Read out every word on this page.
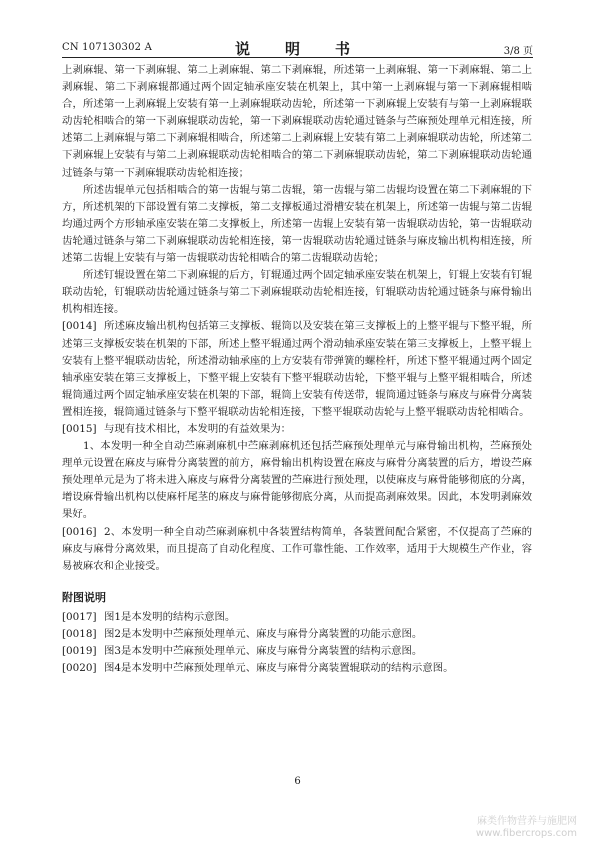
CN 107130302 A	说　明　书	3/8 页

上剥麻辊、第一下剥麻辊、第二上剥麻辊、第二下剥麻辊，所述第一上剥麻辊、第一下剥麻辊、第二上剥麻辊、第二下剥麻辊都通过两个固定轴承座安装在机架上，其中第一上剥麻辊与第一下剥麻辊相啮合，所述第一上剥麻辊上安装有第一上剥麻辊联动齿轮，所述第一下剥麻辊上安装有与第一上剥麻辊联动齿轮相啮合的第一下剥麻辊联动齿轮，第一下剥麻辊联动齿轮通过链条与苎麻预处理单元相连接，所述第二上剥麻辊与第二下剥麻辊相啮合，所述第二上剥麻辊上安装有第二上剥麻辊联动齿轮，所述第二下剥麻辊上安装有与第二上剥麻辊联动齿轮相啮合的第二下剥麻辊联动齿轮，第二下剥麻辊联动齿轮通过链条与第一下剥麻辊联动齿轮相连接；

所述齿辊单元包括相啮合的第一齿辊与第二齿辊，第一齿辊与第二齿辊均设置在第二下剥麻辊的下方，所述机架的下部设置有第二支撑板，第二支撑板通过滑槽安装在机架上，所述第一齿辊与第二齿辊均通过两个方形轴承座安装在第二支撑板上，所述第一齿辊上安装有第一齿辊联动齿轮，第一齿辊联动齿轮通过链条与第二下剥麻辊联动齿轮相连接，第一齿辊联动齿轮通过链条与麻皮输出机构相连接，所述第二齿辊上安装有与第一齿辊联动齿轮相啮合的第二齿辊联动齿轮；

所述钉辊设置在第二下剥麻辊的后方，钉辊通过两个固定轴承座安装在机架上，钉辊上安装有钉辊联动齿轮，钉辊联动齿轮通过链条与第二下剥麻辊联动齿轮相连接，钉辊联动齿轮通过链条与麻骨输出机构相连接。

[0014] 所述麻皮输出机构包括第三支撑板、辊筒以及安装在第三支撑板上的上整平辊与下整平辊，所述第三支撑板安装在机架的下部，所述上整平辊通过两个滑动轴承座安装在第三支撑板上，上整平辊上安装有上整平辊联动齿轮，所述滑动轴承座的上方安装有带弹簧的螺栓杆，所述下整平辊通过两个固定轴承座安装在第三支撑板上，下整平辊上安装有下整平辊联动齿轮，下整平辊与上整平辊相啮合，所述辊筒通过两个固定轴承座安装在机架的下部，辊筒上安装有传送带，辊筒通过链条与麻皮与麻骨分离装置相连接，辊筒通过链条与下整平辊联动齿轮相连接，下整平辊联动齿轮与上整平辊联动齿轮相啮合。

[0015] 与现有技术相比，本发明的有益效果为：

1、本发明一种全自动苎麻剥麻机中苎麻剥麻机还包括苎麻预处理单元与麻骨输出机构，苎麻预处理单元设置在麻皮与麻骨分离装置的前方，麻骨输出机构设置在麻皮与麻骨分离装置的后方，增设苎麻预处理单元是为了将未进入麻皮与麻骨分离装置的苎麻进行预处理，以使麻皮与麻骨能够彻底的分离，增设麻骨输出机构以使麻杆尾茎的麻皮与麻骨能够彻底分离，从而提高剥麻效果。因此，本发明剥麻效果好。

[0016] 2、本发明一种全自动苎麻剥麻机中各装置结构简单，各装置间配合紧密，不仅提高了苎麻的麻皮与麻骨分离效果，而且提高了自动化程度、工作可靠性能、工作效率，适用于大规模生产作业，容易被麻农和企业接受。

附图说明

[0017] 图1是本发明的结构示意图。

[0018] 图2是本发明中苎麻预处理单元、麻皮与麻骨分离装置的功能示意图。

[0019] 图3是本发明中苎麻预处理单元、麻皮与麻骨分离装置的结构示意图。

[0020] 图4是本发明中苎麻预处理单元、麻皮与麻骨分离装置辊联动的结构示意图。

6
麻类作物营养与施肥网
www.fibercrops.com
